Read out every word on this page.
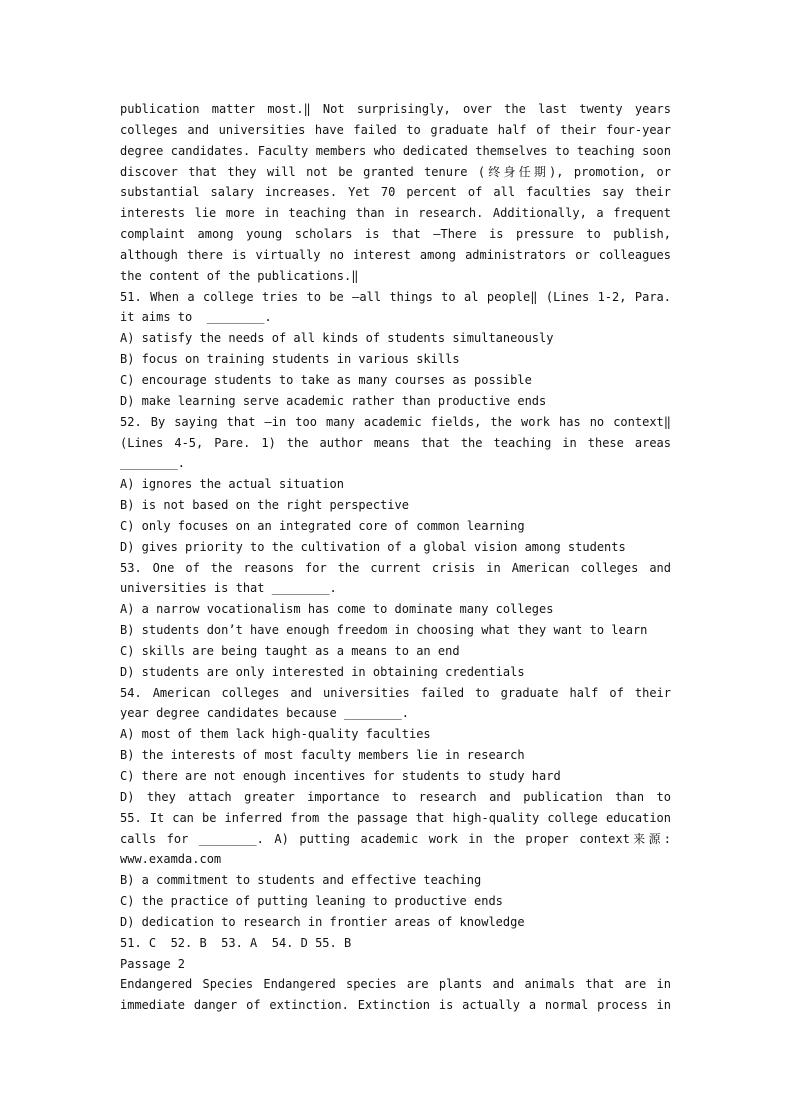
publication matter most.‖ Not surprisingly, over the last twenty years
colleges and universities have failed to graduate half of their four-year
degree candidates. Faculty members who dedicated themselves to teaching soon
discover that they will not be granted tenure (终身任期), promotion, or
substantial salary increases. Yet 70 percent of all faculties say their
interests lie more in teaching than in research. Additionally, a frequent
complaint among young scholars is that ―There is pressure to publish,
although there is virtually no interest among administrators or colleagues
the content of the publications.‖
51. When a college tries to be ―all things to al people‖ (Lines 1-2, Para.
it aims to  ________.
A) satisfy the needs of all kinds of students simultaneously
B) focus on training students in various skills
C) encourage students to take as many courses as possible
D) make learning serve academic rather than productive ends
52. By saying that ―in too many academic fields, the work has no context‖
(Lines 4-5, Pare. 1) the author means that the teaching in these areas
________.
A) ignores the actual situation
B) is not based on the right perspective
C) only focuses on an integrated core of common learning
D) gives priority to the cultivation of a global vision among students
53. One of the reasons for the current crisis in American colleges and
universities is that ________.
A) a narrow vocationalism has come to dominate many colleges
B) students don’t have enough freedom in choosing what they want to learn
C) skills are being taught as a means to an end
D) students are only interested in obtaining credentials
54. American colleges and universities failed to graduate half of their
year degree candidates because ________.
A) most of them lack high-quality faculties
B) the interests of most faculty members lie in research
C) there are not enough incentives for students to study hard
D) they attach greater importance to research and publication than to
55. It can be inferred from the passage that high-quality college education
calls for ________. A) putting academic work in the proper context来源:
www.examda.com
B) a commitment to students and effective teaching
C) the practice of putting leaning to productive ends
D) dedication to research in frontier areas of knowledge
51. C  52. B  53. A  54. D 55. B
Passage 2
Endangered Species Endangered species are plants and animals that are in
immediate danger of extinction. Extinction is actually a normal process in
